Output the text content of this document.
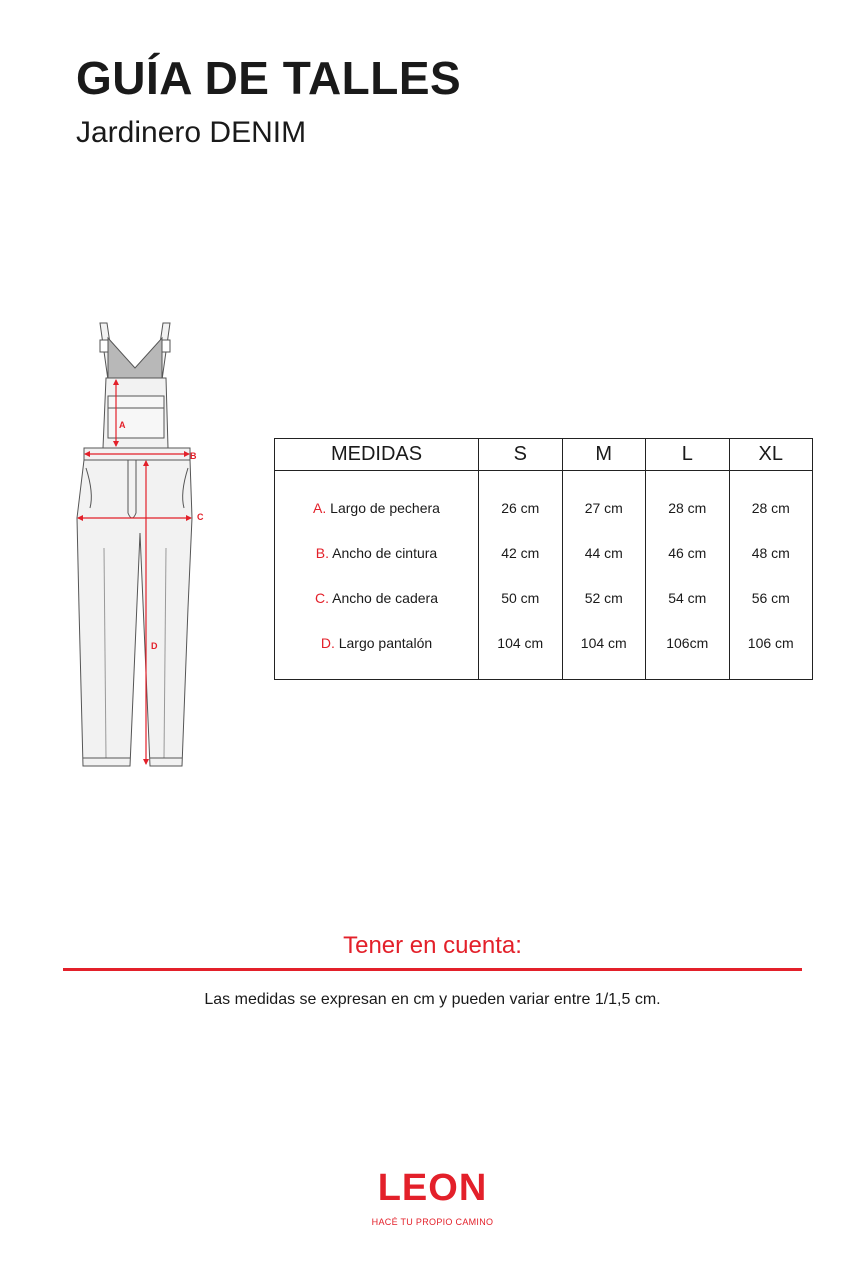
GUÍA DE TALLES
Jardinero DENIM
A
B
C
D
MEDIDAS	S	M	L	XL
A. Largo de pechera	26 cm	27 cm	28 cm	28 cm
B. Ancho de cintura	42 cm	44 cm	46 cm	48 cm
C. Ancho de cadera	50 cm	52 cm	54 cm	56 cm
D. Largo pantalón	104 cm	104 cm	106cm	106 cm
Tener en cuenta:

Las medidas se expresan en cm y pueden variar entre 1/1,5 cm.

LEON
HACÉ TU PROPIO CAMINO
